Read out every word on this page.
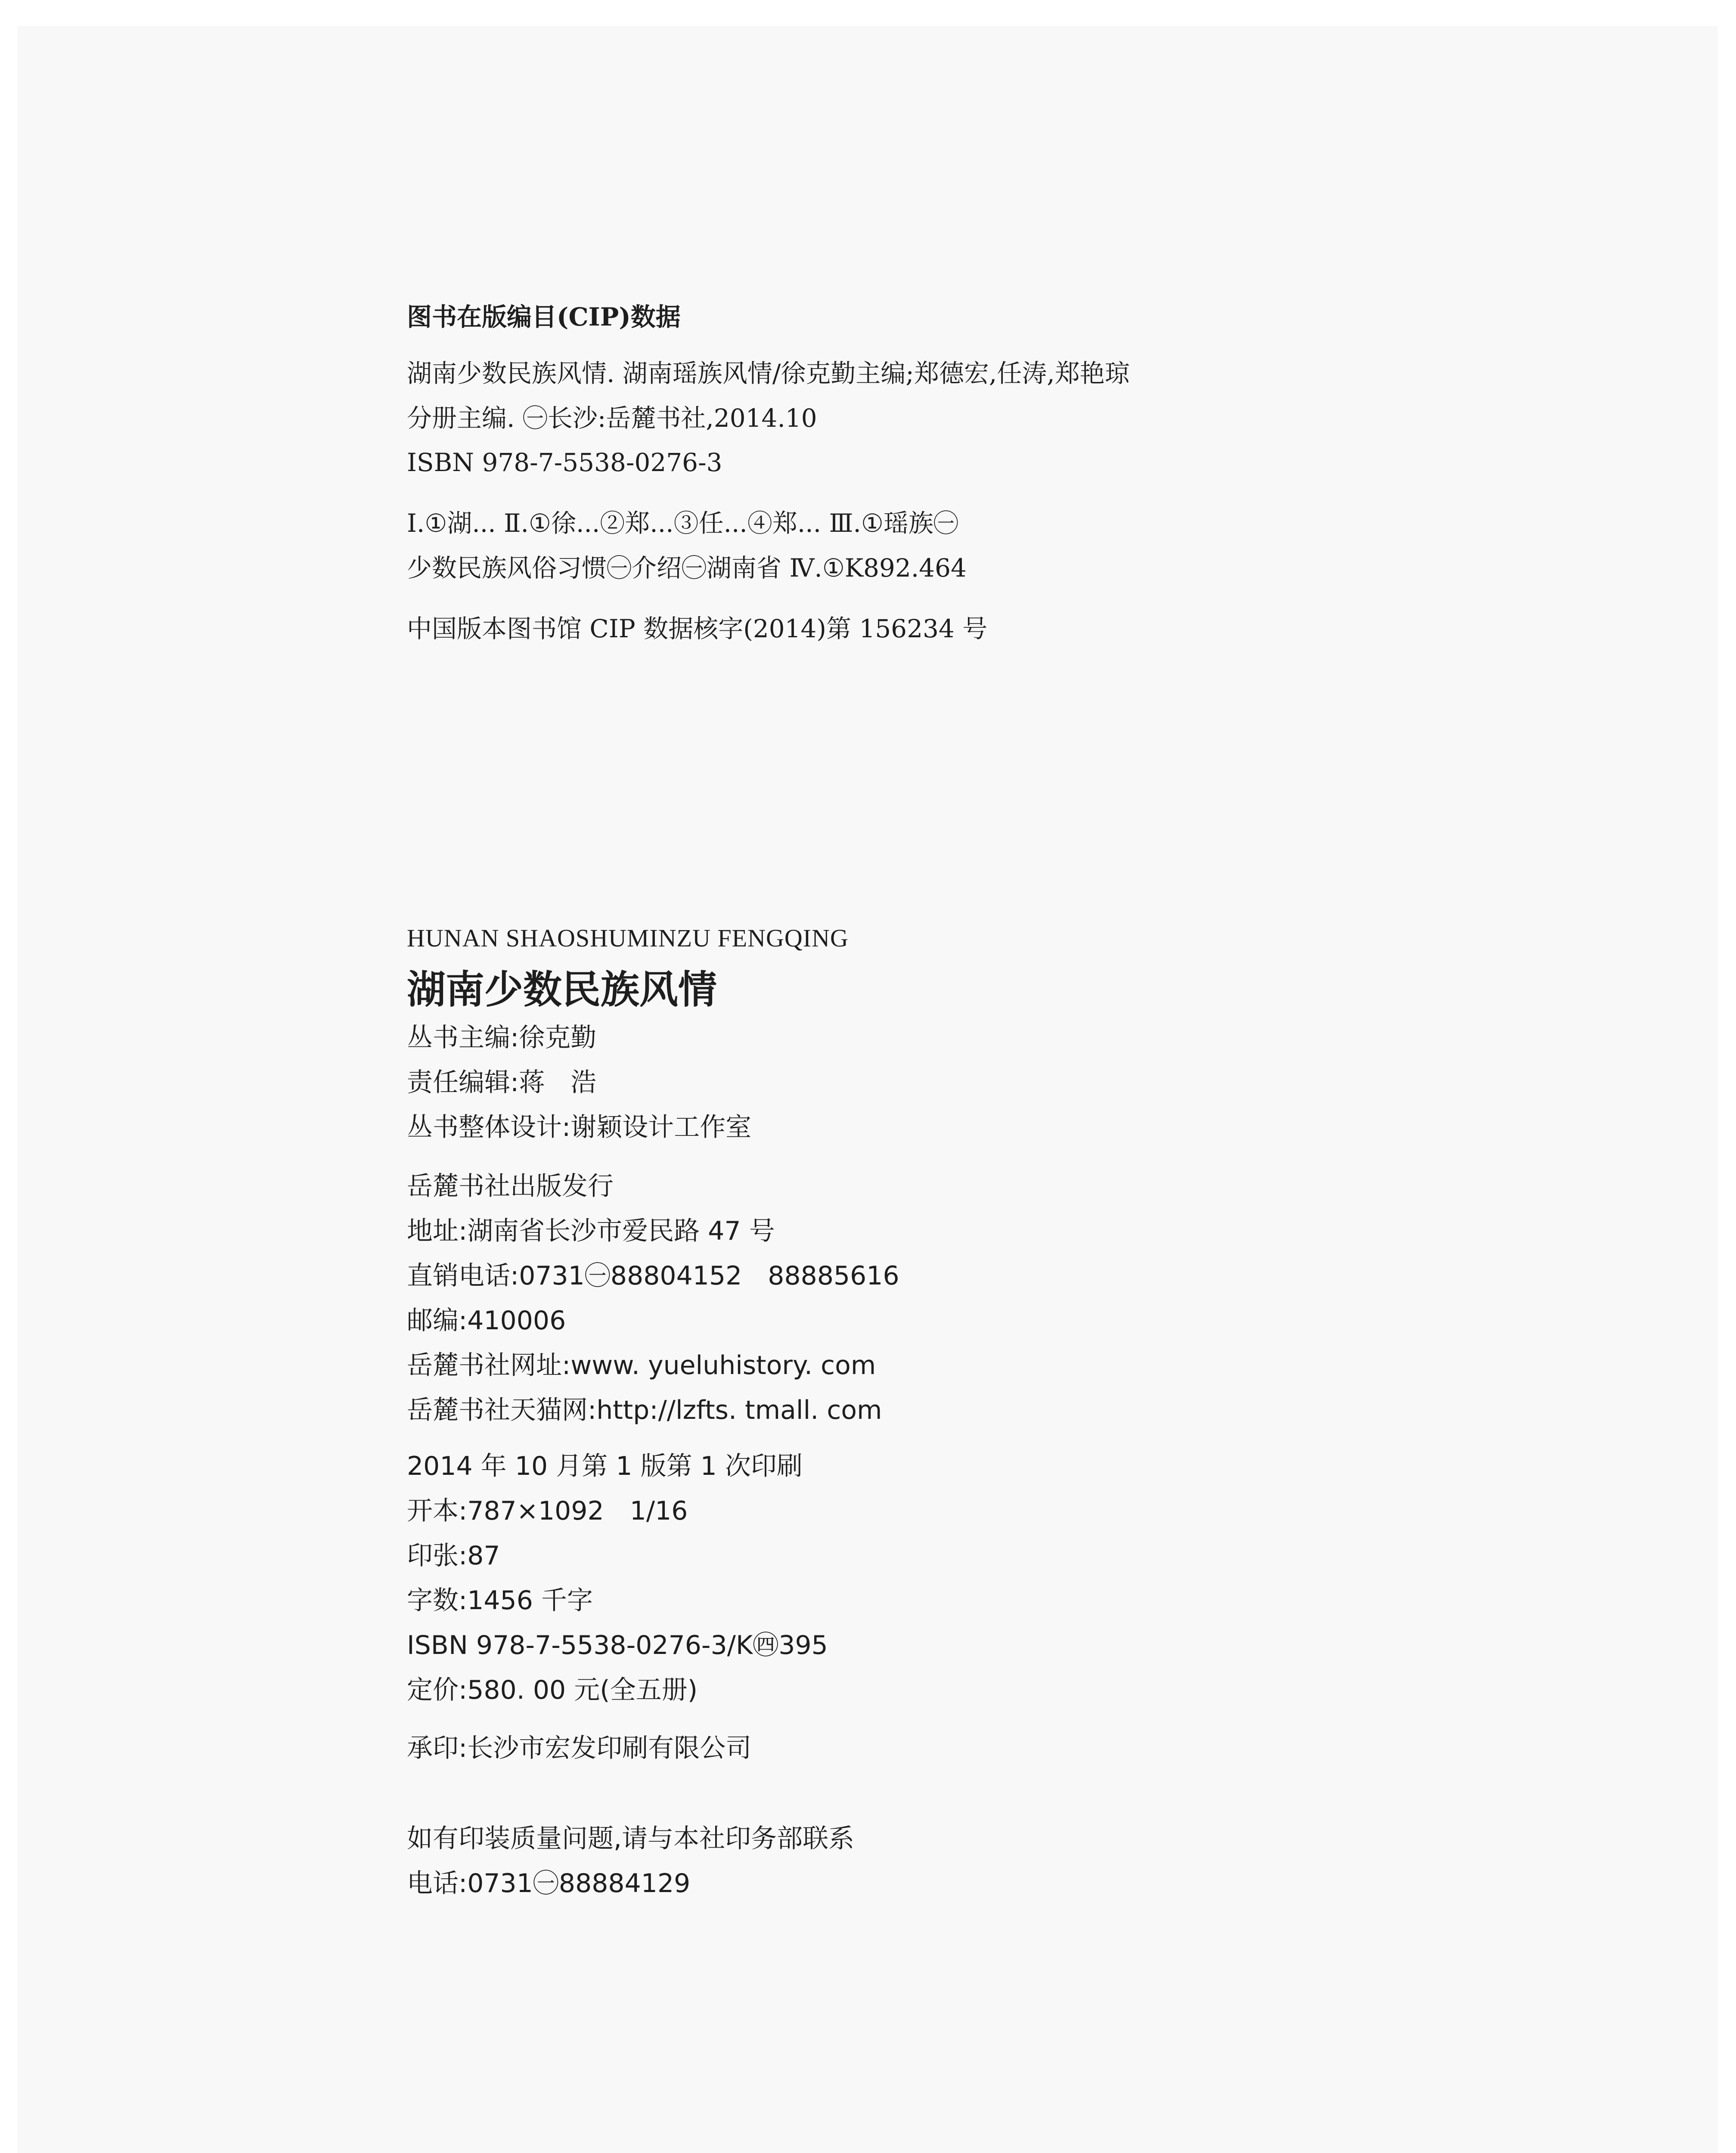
图书在版编目(CIP)数据
湖南少数民族风情. 湖南瑶族风情/徐克勤主编;郑德宏,任涛,郑艳琼
分册主编. ㊀长沙:岳麓书社,2014.10
ISBN 978-7-5538-0276-3
Ⅰ.①湖... Ⅱ.①徐...②郑...③任...④郑... Ⅲ.①瑶族㊀
少数民族风俗习惯㊀介绍㊀湖南省 Ⅳ.①K892.464
中国版本图书馆 CIP 数据核字(2014)第 156234 号
HUNAN SHAOSHUMINZU FENGQING
湖南少数民族风情
丛书主编:徐克勤
责任编辑:蒋　浩
丛书整体设计:谢颖设计工作室
岳麓书社出版发行
地址:湖南省长沙市爱民路 47 号
直销电话:0731㊀88804152　88885616
邮编:410006
岳麓书社网址:www. yueluhistory. com
岳麓书社天猫网:http://lzfts. tmall. com
2014 年 10 月第 1 版第 1 次印刷
开本:787×1092　1/16
印张:87
字数:1456 千字
ISBN 978-7-5538-0276-3/K㊃395
定价:580. 00 元(全五册)
承印:长沙市宏发印刷有限公司
如有印装质量问题,请与本社印务部联系
电话:0731㊀88884129
